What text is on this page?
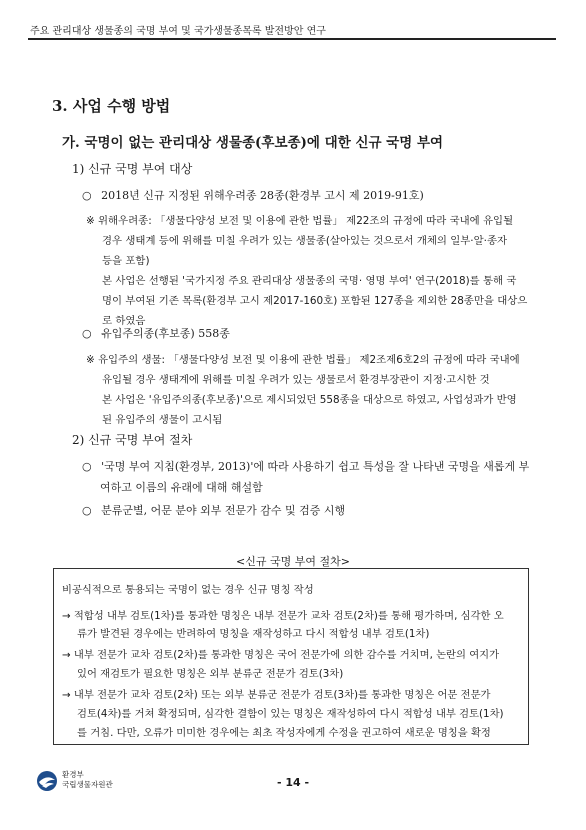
주요 관리대상 생물종의 국명 부여 및 국가생물종목록 발전방안 연구
3. 사업 수행 방법
가. 국명이 없는 관리대상 생물종(후보종)에 대한 신규 국명 부여
1) 신규 국명 부여 대상
○ 2018년 신규 지정된 위해우려종 28종(환경부 고시 제 2019-91호)
※ 위해우려종: 「생물다양성 보전 및 이용에 관한 법률」 제22조의 규정에 따라 국내에 유입될
경우 생태계 등에 위해를 미칠 우려가 있는 생물종(살아있는 것으로서 개체의 일부·알·종자
등을 포함)
본 사업은 선행된 '국가지정 주요 관리대상 생물종의 국명· 영명 부여' 연구(2018)를 통해 국
명이 부여된 기존 목록(환경부 고시 제2017-160호) 포함된 127종을 제외한 28종만을 대상으
로 하였음
○ 유입주의종(후보종) 558종
※ 유입주의 생물: 「생물다양성 보전 및 이용에 관한 법률」 제2조제6호2의 규정에 따라 국내에
유입될 경우 생태계에 위해를 미칠 우려가 있는 생물로서 환경부장관이 지정·고시한 것
본 사업은 '유입주의종(후보종)'으로 제시되었던 558종을 대상으로 하였고, 사업성과가 반영
된 유입주의 생물이 고시됨
2) 신규 국명 부여 절차
○ '국명 부여 지침(환경부, 2013)'에 따라 사용하기 쉽고 특성을 잘 나타낸 국명을 새롭게 부
여하고 이름의 유래에 대해 해설함
○ 분류군별, 어문 분야 외부 전문가 감수 및 검증 시행
<신규 국명 부여 절차>
비공식적으로 통용되는 국명이 없는 경우 신규 명칭 작성
→ 적합성 내부 검토(1차)를 통과한 명칭은 내부 전문가 교차 검토(2차)를 통해 평가하며, 심각한 오
류가 발견된 경우에는 반려하여 명칭을 재작성하고 다시 적합성 내부 검토(1차)
→ 내부 전문가 교차 검토(2차)를 통과한 명칭은 국어 전문가에 의한 감수를 거치며, 논란의 여지가
있어 재검토가 필요한 명칭은 외부 분류군 전문가 검토(3차)
→ 내부 전문가 교차 검토(2차) 또는 외부 분류군 전문가 검토(3차)를 통과한 명칭은 어문 전문가
검토(4차)를 거쳐 확정되며, 심각한 결함이 있는 명칭은 재작성하여 다시 적합성 내부 검토(1차)
를 거침. 다만, 오류가 미미한 경우에는 최초 작성자에게 수정을 권고하여 새로운 명칭을 확정
환경부
국립생물자원관	- 14 -
